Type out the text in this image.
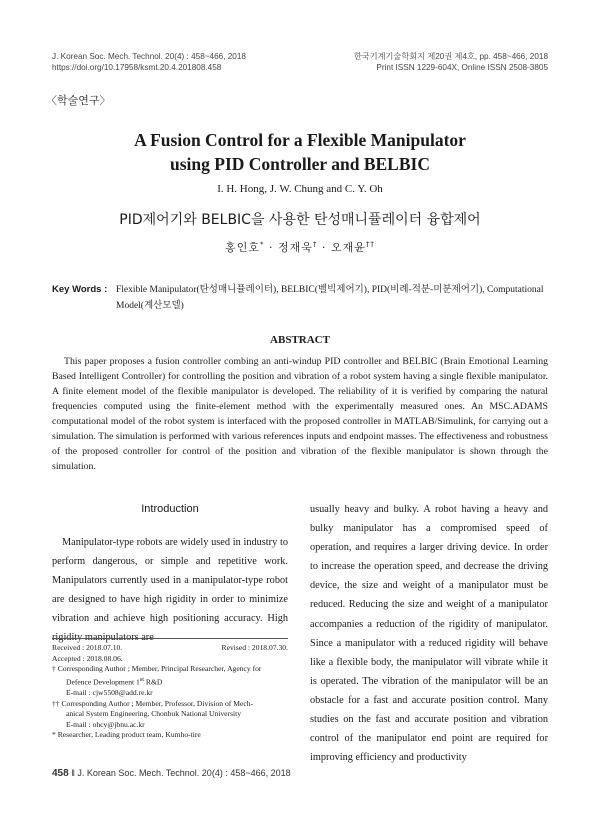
J. Korean Soc. Mech. Technol. 20(4) : 458~466, 2018
https://doi.org/10.17958/ksmt.20.4.201808.458
한국기계기술학회지 제20권 제4호, pp. 458~466, 2018
Print ISSN 1229-604X, Online ISSN 2508-3805
〈학술연구〉
A Fusion Control for a Flexible Manipulator
using PID Controller and BELBIC
I. H. Hong, J. W. Chung and C. Y. Oh
PID제어기와 BELBIC을 사용한 탄성매니퓰레이터 융합제어
홍인호* · 정재욱† · 오재윤††
Key Words : Flexible Manipulator(탄성매니퓰레이터), BELBIC(벨빅제어기), PID(비례-적분-미분제어기), Computational Model(계산모델)
ABSTRACT
This paper proposes a fusion controller combing an anti-windup PID controller and BELBIC (Brain Emotional Learning Based Intelligent Controller) for controlling the position and vibration of a robot system having a single flexible manipulator. A finite element model of the flexible manipulator is developed. The reliability of it is verified by comparing the natural frequencies computed using the finite-element method with the experimentally measured ones. An MSC.ADAMS computational model of the robot system is interfaced with the proposed controller in MATLAB/Simulink, for carrying out a simulation. The simulation is performed with various references inputs and endpoint masses. The effectiveness and robustness of the proposed controller for control of the position and vibration of the flexible manipulator is shown through the simulation.
Introduction
Manipulator-type robots are widely used in industry to perform dangerous, or simple and repetitive work. Manipulators currently used in a manipulator-type robot are designed to have high rigidity in order to minimize vibration and achieve high positioning accuracy. High
usually heavy and bulky. A robot having a heavy and bulky manipulator has a compromised speed of operation, and requires a larger driving device. In order to increase the operation speed, and decrease the driving device, the size and weight of a manipulator must be reduced. Reducing the size and weight of a manipulator accompanies a reduction of the rigidity of manipulator. Since a manipulator with a reduced rigidity will behave like a flexible body, the manipulator will vibrate while it is operated. The vibration of the manipulator will be an obstacle for a fast and accurate position control. Many studies on the fast and accurate position and vibration control of the manipulator end point are required for improving efficiency and productivity
Received : 2018.07.10.	Revised : 2018.07.30.
Accepted : 2018.08.06.
† Corresponding Author ; Member, Principal Researcher, Agency for
Defence Development 1st R&D
E-mail : cjw5508@add.re.kr
†† Corresponding Author ; Member, Professor, Division of Mech-
anical System Engineering, Chonbuk National University
E-mail : ohcy@jbnu.ac.kr
* Researcher, Leading product team, Kumho-tire
458 ‖ J. Korean Soc. Mech. Technol. 20(4) : 458~466, 2018
